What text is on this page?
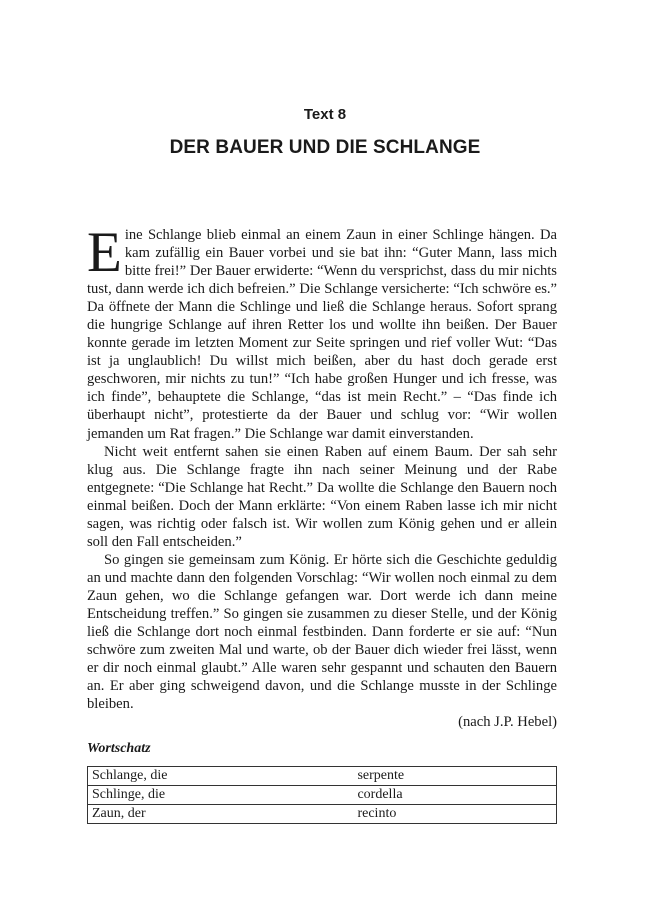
Text 8
DER BAUER UND DIE SCHLANGE

Eine Schlange blieb einmal an einem Zaun in einer Schlinge hängen. Da kam zufällig ein Bauer vorbei und sie bat ihn: “Guter Mann, lass mich bitte frei!” Der Bauer erwiderte: “Wenn du versprichst, dass du mir nichts tust, dann werde ich dich befreien.” Die Schlange versicherte: “Ich schwöre es.” Da öffnete der Mann die Schlinge und ließ die Schlange heraus. Sofort sprang die hungrige Schlange auf ihren Retter los und wollte ihn beißen. Der Bauer konnte gerade im letzten Moment zur Seite springen und rief voller Wut: “Das ist ja unglaublich! Du willst mich beißen, aber du hast doch gerade erst geschworen, mir nichts zu tun!” “Ich habe großen Hunger und ich fresse, was ich finde”, behauptete die Schlange, “das ist mein Recht.” – “Das finde ich überhaupt nicht”, protestierte da der Bauer und schlug vor: “Wir wollen jemanden um Rat fragen.” Die Schlange war damit einverstanden.

Nicht weit entfernt sahen sie einen Raben auf einem Baum. Der sah sehr klug aus. Die Schlange fragte ihn nach seiner Meinung und der Rabe entgegnete: “Die Schlange hat Recht.” Da wollte die Schlange den Bauern noch einmal beißen. Doch der Mann erklärte: “Von einem Raben lasse ich mir nicht sagen, was richtig oder falsch ist. Wir wollen zum König gehen und er allein soll den Fall entscheiden.”

So gingen sie gemeinsam zum König. Er hörte sich die Geschichte geduldig an und machte dann den folgenden Vorschlag: “Wir wollen noch einmal zu dem Zaun gehen, wo die Schlange gefangen war. Dort werde ich dann meine Entscheidung treffen.” So gingen sie zusammen zu dieser Stelle, und der König ließ die Schlange dort noch einmal festbinden. Dann forderte er sie auf: “Nun schwöre zum zweiten Mal und warte, ob der Bauer dich wieder frei lässt, wenn er dir noch einmal glaubt.” Alle waren sehr gespannt und schauten den Bauern an. Er aber ging schweigend davon, und die Schlange musste in der Schlinge bleiben.

(nach J.P. Hebel)
Wortschatz
Schlange, die	serpente
Schlinge, die	cordella
Zaun, der	recinto
